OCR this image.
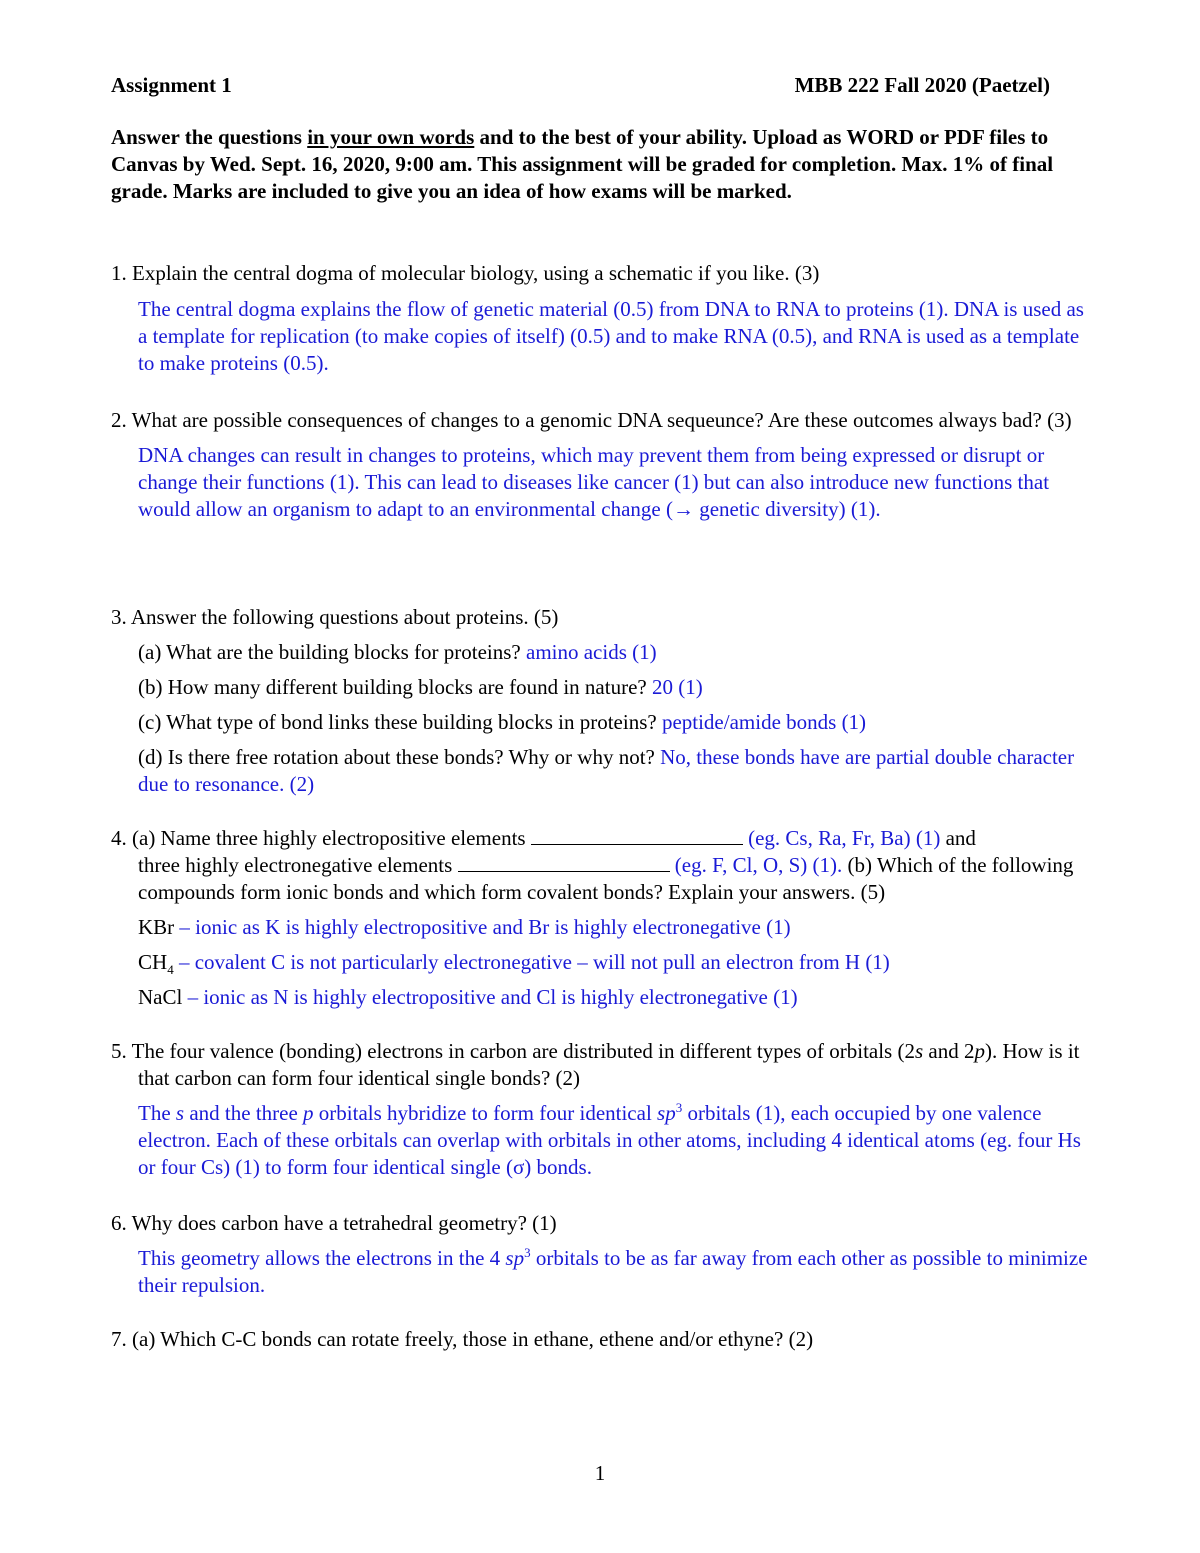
Assignment 1	MBB 222 Fall 2020 (Paetzel)
Answer the questions in your own words and to the best of your ability. Upload as WORD or PDF files to Canvas by Wed. Sept. 16, 2020, 9:00 am. This assignment will be graded for completion. Max. 1% of final grade. Marks are included to give you an idea of how exams will be marked.
1. Explain the central dogma of molecular biology, using a schematic if you like. (3)
The central dogma explains the flow of genetic material (0.5) from DNA to RNA to proteins (1). DNA is used as a template for replication (to make copies of itself) (0.5) and to make RNA (0.5), and RNA is used as a template to make proteins (0.5).
2. What are possible consequences of changes to a genomic DNA sequeunce? Are these outcomes always bad? (3)
DNA changes can result in changes to proteins, which may prevent them from being expressed or disrupt or change their functions (1). This can lead to diseases like cancer (1) but can also introduce new functions that would allow an organism to adapt to an environmental change (→ genetic diversity) (1).
3. Answer the following questions about proteins. (5)
(a) What are the building blocks for proteins? amino acids (1)
(b) How many different building blocks are found in nature? 20 (1)
(c) What type of bond links these building blocks in proteins? peptide/amide bonds (1)
(d) Is there free rotation about these bonds? Why or why not? No, these bonds have are partial double character due to resonance. (2)
4. (a) Name three highly electropositive elements	(eg. Cs, Ra, Fr, Ba) (1) and
three highly electronegative elements	(eg. F, Cl, O, S) (1). (b) Which of the following compounds form ionic bonds and which form covalent bonds? Explain your answers. (5)
KBr – ionic as K is highly electropositive and Br is highly electronegative (1)
$CH_4$ – covalent C is not particularly electronegative – will not pull an electron from H (1)
NaCl – ionic as N is highly electropositive and Cl is highly electronegative (1)
5. The four valence (bonding) electrons in carbon are distributed in different types of orbitals (2s and 2p). How is it that carbon can form four identical single bonds? (2)
The s and the three p orbitals hybridize to form four identical $sp^3$ orbitals (1), each occupied by one valence electron. Each of these orbitals can overlap with orbitals in other atoms, including 4 identical atoms (eg. four Hs or four Cs) (1) to form four identical single (σ) bonds.
6. Why does carbon have a tetrahedral geometry? (1)
This geometry allows the electrons in the 4 $sp^3$ orbitals to be as far away from each other as possible to minimize their repulsion.
7. (a) Which C-C bonds can rotate freely, those in ethane, ethene and/or ethyne? (2)
1
